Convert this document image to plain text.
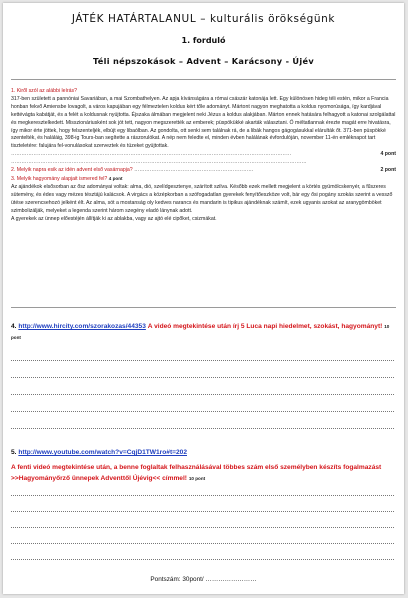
JÁTÉK HATÁRTALANUL – kulturális örökségünk
1. forduló
Téli népszokások – Advent – Karácsony - Újév
1. Kiről szól az alábbi leírás?
317-ben született a pannóniai Savariában, a mai Szombathelyen. Az apja kívánságára a római császár katonája lett. Egy különösen hideg téli estén, mikor a Francia honban fekvő Amiensbe lovagolt, a város kapujában egy félmeztelen koldus kért tőle adományt. Mártont nagyon meghatotta a koldus nyomorúsága, így kardjával kettévágta kabátját, és a felét a koldusnak nyújtotta. Éjszaka álmában megjelent neki Jézus a koldus alakjában. Márton ennek hatására felhagyott a katonai szolgálattal és megkeresztelkedett. Misszionáriusként sok jót tett, nagyon megszerették az emberek; püspökükké akarták választani. Ő méltatlannak érezte magát erre hivatásra, így mikor érte jöttek, hogy felszenteljék, elbújt egy libaólban. Az gondolta, ott senki sem találnak rá, de a libák hangos gágogásukkal elárulták őt. 371-ben püspökké szentelték, és haláláig, 398-ig Tours-ban segítette a rászorulókat. A nép nem feledte el, minden évben halálának évfordulóján, november 11-én emléknapot tart tiszteletére: falujára fel-vonulásokat szerveztek és tüzeket gyújtottak.
4 pont
………………………………………………………………………………………………………………………………………………
………………………………………………………………………………………………………………………………………………………
2. Melyik napra esik az idén advent első vasárnapja? ……………………………………………………………	2 pont
3. Melyik hagyomány alapjait ismered fel? 4 pont
Az ajándékok elsősorban az ősz adományai voltak: alma, dió, szelídgesztenye, szárított szilva. Később ezek mellett megjelent a körtés gyümölcskenyér, a fűszeres sütemény, és édes vagy mézes tésztájú kalácsok. A virgács a középkorban a szófogadatlan gyerekek fenyítőeszköze volt, bár egy ősi pogány szokás szerint a vessző ütése szerencsehozó jelként élt. Az alma, sót a mostanság oly kedves narancs és mandarin is tipikus ajándéknak számít, ezek ugyanis azokat az aranygömböket szimbolizálják, melyeket a legenda szerint három szegény eladó lánynak adott.
A gyerekek az ünnep előestéjén állítják ki az ablakba, vagy az ajtó elé cipőket, csizmákat.
4. http://www.hircity.com/szorakozas/44353 A videó megtekintése után írj 5 Luca napi hiedelmet, szokást, hagyományt! 10 pont
5. http://www.youtube.com/watch?v=CqjD1TW1ro#t=202
A fenti videó megtekintése után, a benne foglaltak felhasználásával többes szám első személyben készíts fogalmazást >>Hagyományőrző ünnepek Adventtől Újévig<< címmel! 10 pont
Pontszám: 30pont/ ……………………
